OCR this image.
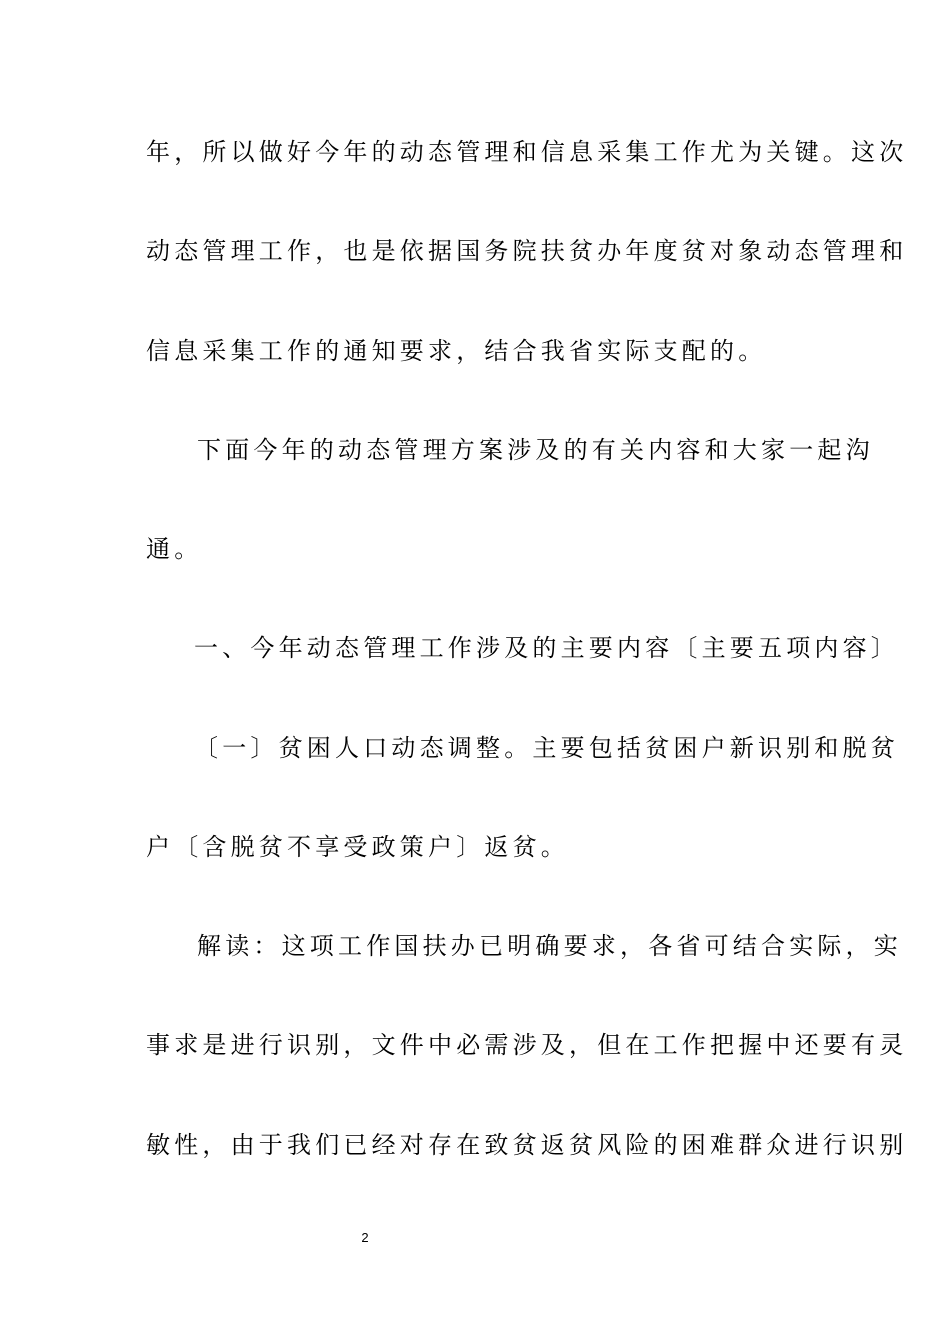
年，所以做好今年的动态管理和信息采集工作尤为关键。这次
动态管理工作，也是依据国务院扶贫办年度贫对象动态管理和
信息采集工作的通知要求，结合我省实际支配的。
下面今年的动态管理方案涉及的有关内容和大家一起沟
通。
一、今年动态管理工作涉及的主要内容〔主要五项内容〕
〔一〕贫困人口动态调整。主要包括贫困户新识别和脱贫
户〔含脱贫不享受政策户〕返贫。
解读：这项工作国扶办已明确要求，各省可结合实际，实
事求是进行识别，文件中必需涉及，但在工作把握中还要有灵
敏性，由于我们已经对存在致贫返贫风险的困难群众进行识别
2
